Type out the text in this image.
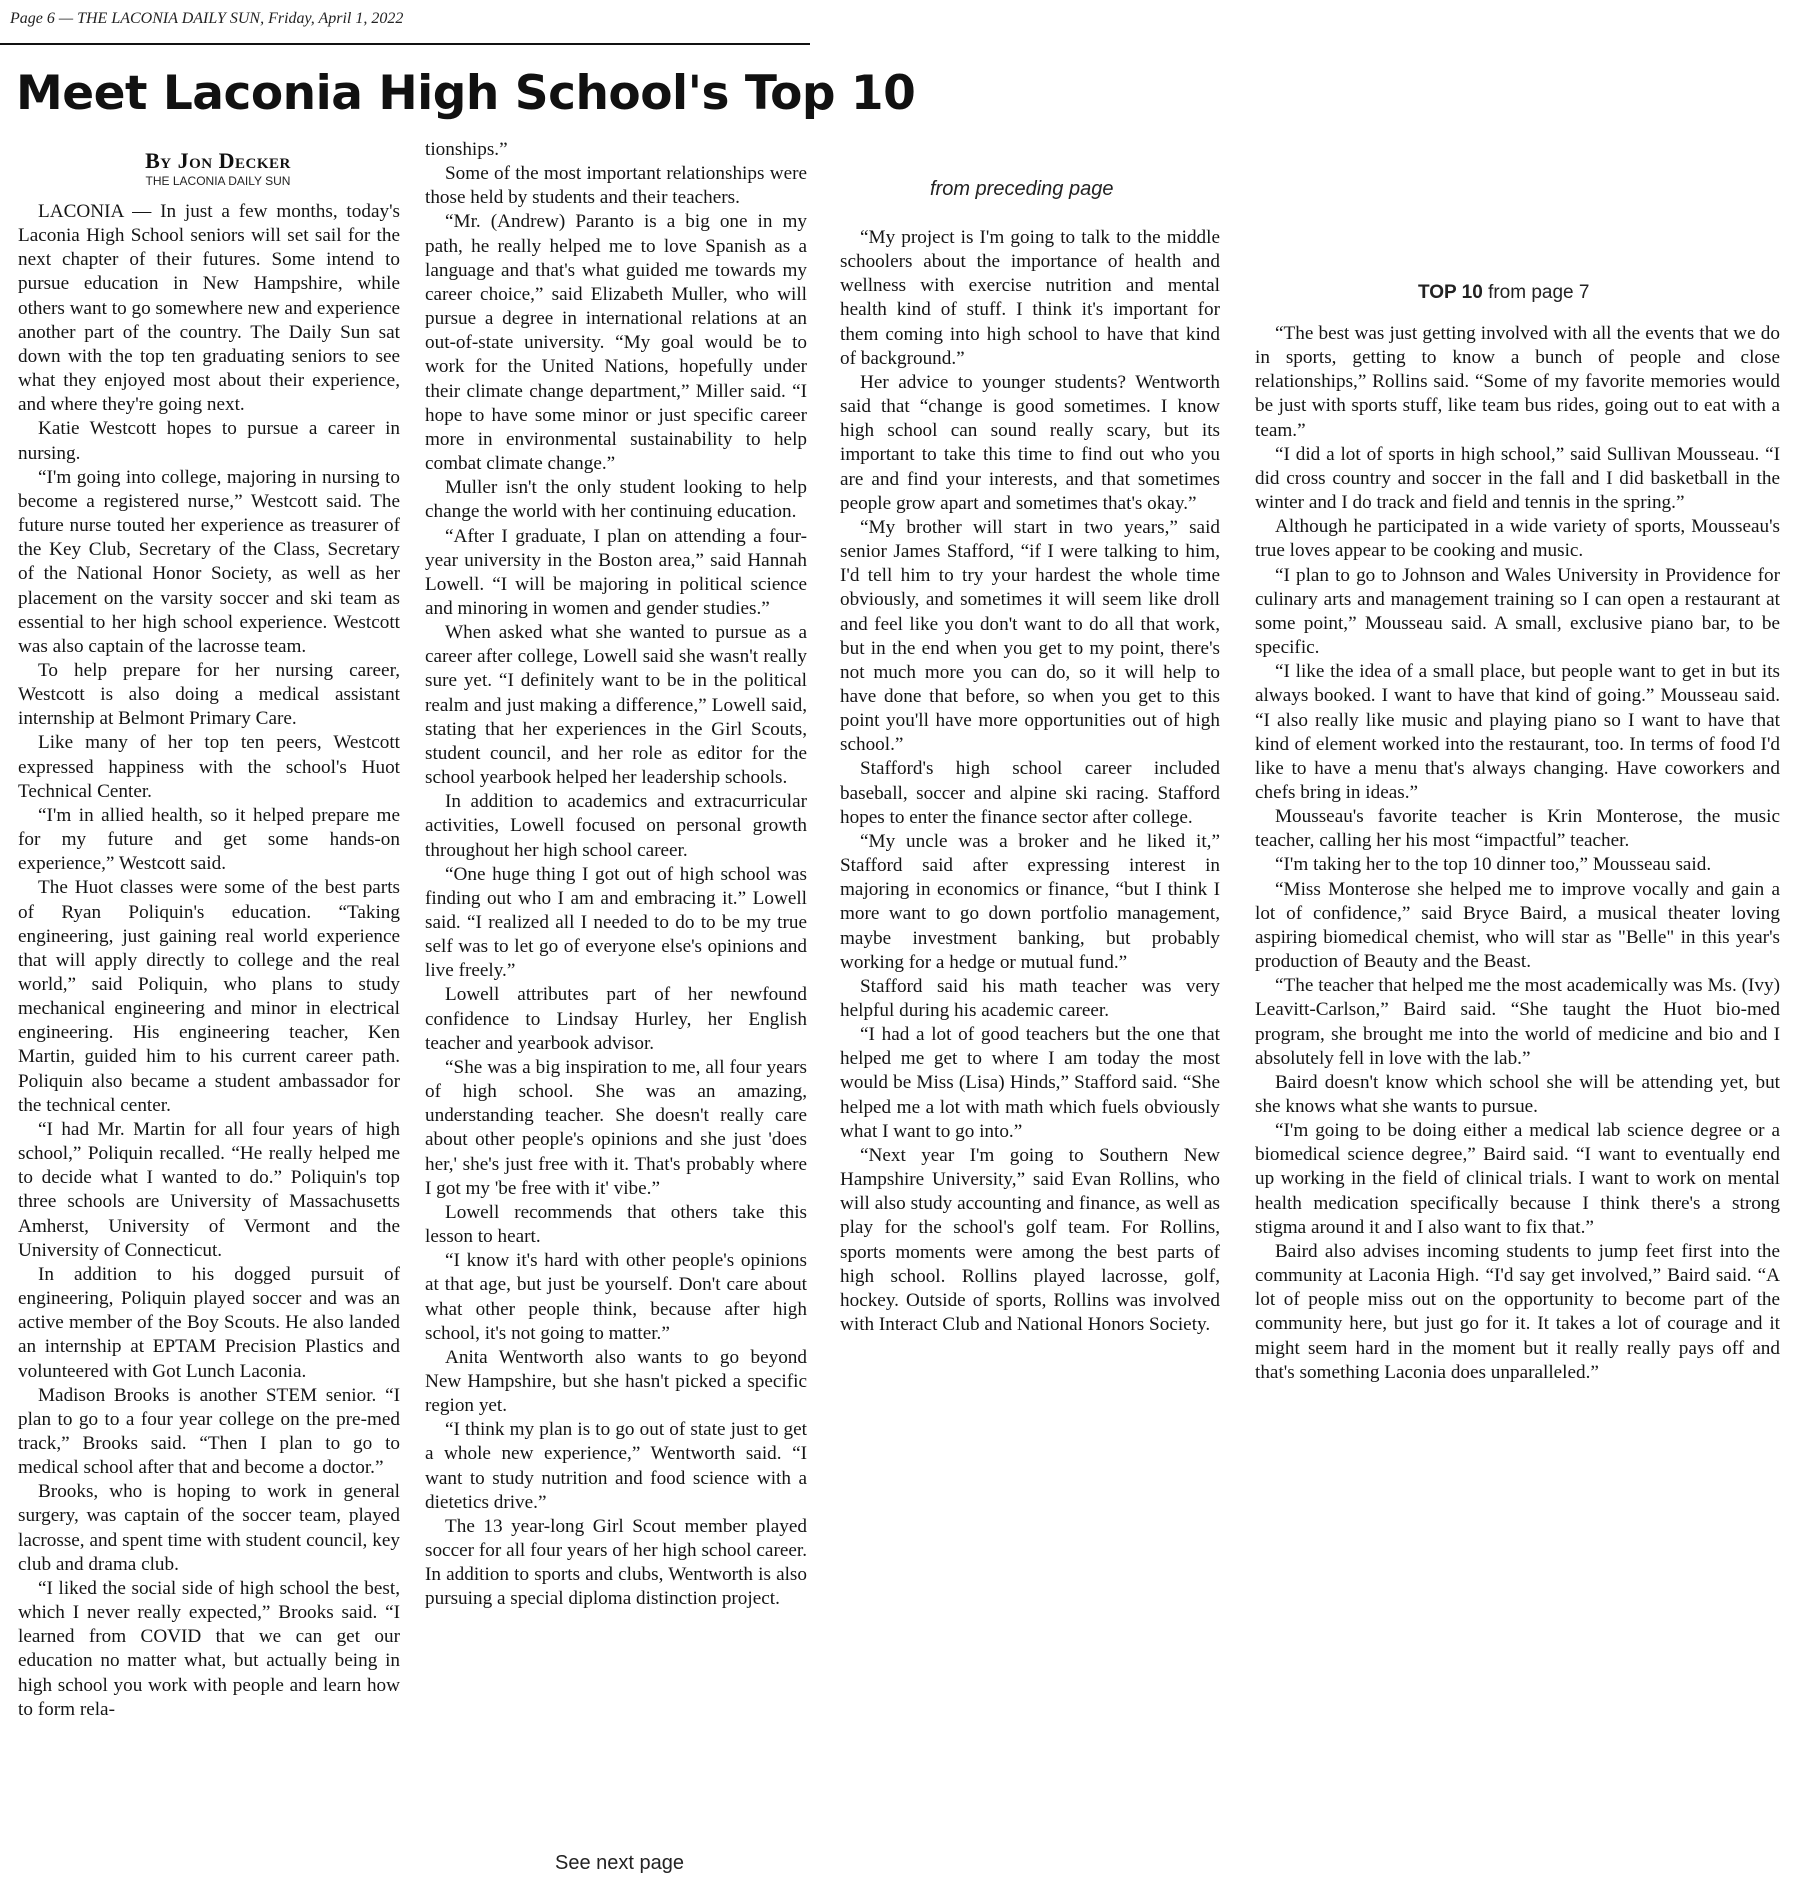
Page 6 — THE LACONIA DAILY SUN, Friday, April 1, 2022
Meet Laconia High School's Top 10
By Jon Decker
THE LACONIA DAILY SUN

LACONIA — In just a few months, today's Laconia High School seniors will set sail for the next chapter of their futures. Some intend to pursue education in New Hampshire, while others want to go somewhere new and experience another part of the country. The Daily Sun sat down with the top ten graduating seniors to see what they enjoyed most about their experience, and where they're going next.

Katie Westcott hopes to pursue a career in nursing.

“I'm going into college, majoring in nursing to become a registered nurse,” Westcott said. The future nurse touted her experience as treasurer of the Key Club, Secretary of the Class, Secretary of the National Honor Society, as well as her placement on the varsity soccer and ski team as essential to her high school experience. Westcott was also captain of the lacrosse team.

To help prepare for her nursing career, Westcott is also doing a medical assistant internship at Belmont Primary Care.

Like many of her top ten peers, Westcott expressed happiness with the school's Huot Technical Center.

“I'm in allied health, so it helped prepare me for my future and get some hands-on experience,” Westcott said.

The Huot classes were some of the best parts of Ryan Poliquin's education. “Taking engineering, just gaining real world experience that will apply directly to college and the real world,” said Poliquin, who plans to study mechanical engineering and minor in electrical engineering. His engineering teacher, Ken Martin, guided him to his current career path. Poliquin also became a student ambassador for the technical center.

“I had Mr. Martin for all four years of high school,” Poliquin recalled. “He really helped me to decide what I wanted to do.” Poliquin's top three schools are University of Massachusetts Amherst, University of Vermont and the University of Connecticut.

In addition to his dogged pursuit of engineering, Poliquin played soccer and was an active member of the Boy Scouts. He also landed an internship at EPTAM Precision Plastics and volunteered with Got Lunch Laconia.

Madison Brooks is another STEM senior. “I plan to go to a four year college on the pre-med track,” Brooks said. “Then I plan to go to medical school after that and become a doctor.”

Brooks, who is hoping to work in general surgery, was captain of the soccer team, played lacrosse, and spent time with student council, key club and drama club.

“I liked the social side of high school the best, which I never really expected,” Brooks said. “I learned from COVID that we can get our education no matter what, but actually being in high school you work with people and learn how to form rela-

tionships.”

Some of the most important relationships were those held by students and their teachers.

“Mr. (Andrew) Paranto is a big one in my path, he really helped me to love Spanish as a language and that's what guided me towards my career choice,” said Elizabeth Muller, who will pursue a degree in international relations at an out-of-state university. “My goal would be to work for the United Nations, hopefully under their climate change department,” Miller said. “I hope to have some minor or just specific career more in environmental sustainability to help combat climate change.”

Muller isn't the only student looking to help change the world with her continuing education.

“After I graduate, I plan on attending a four-year university in the Boston area,” said Hannah Lowell. “I will be majoring in political science and minoring in women and gender studies.”

When asked what she wanted to pursue as a career after college, Lowell said she wasn't really sure yet. “I definitely want to be in the political realm and just making a difference,” Lowell said, stating that her experiences in the Girl Scouts, student council, and her role as editor for the school yearbook helped her leadership schools.

In addition to academics and extracurricular activities, Lowell focused on personal growth throughout her high school career.

“One huge thing I got out of high school was finding out who I am and embracing it.” Lowell said. “I realized all I needed to do to be my true self was to let go of everyone else's opinions and live freely.”

Lowell attributes part of her newfound confidence to Lindsay Hurley, her English teacher and yearbook advisor.

“She was a big inspiration to me, all four years of high school. She was an amazing, understanding teacher. She doesn't really care about other people's opinions and she just 'does her,' she's just free with it. That's probably where I got my 'be free with it' vibe.”

Lowell recommends that others take this lesson to heart.

“I know it's hard with other people's opinions at that age, but just be yourself. Don't care about what other people think, because after high school, it's not going to matter.”

Anita Wentworth also wants to go beyond New Hampshire, but she hasn't picked a specific region yet.

“I think my plan is to go out of state just to get a whole new experience,” Wentworth said. “I want to study nutrition and food science with a dietetics drive.”

The 13 year-long Girl Scout member played soccer for all four years of her high school career. In addition to sports and clubs, Wentworth is also pursuing a special diploma distinction project.

See next page
from preceding page

“My project is I'm going to talk to the middle schoolers about the importance of health and wellness with exercise nutrition and mental health kind of stuff. I think it's important for them coming into high school to have that kind of background.”

Her advice to younger students? Wentworth said that “change is good sometimes. I know high school can sound really scary, but its important to take this time to find out who you are and find your interests, and that sometimes people grow apart and sometimes that's okay.”

“My brother will start in two years,” said senior James Stafford, “if I were talking to him, I'd tell him to try your hardest the whole time obviously, and sometimes it will seem like droll and feel like you don't want to do all that work, but in the end when you get to my point, there's not much more you can do, so it will help to have done that before, so when you get to this point you'll have more opportunities out of high school.”

Stafford's high school career included baseball, soccer and alpine ski racing. Stafford hopes to enter the finance sector after college.

“My uncle was a broker and he liked it,” Stafford said after expressing interest in majoring in economics or finance, “but I think I more want to go down portfolio management, maybe investment banking, but probably working for a hedge or mutual fund.”

Stafford said his math teacher was very helpful during his academic career.

“I had a lot of good teachers but the one that helped me get to where I am today the most would be Miss (Lisa) Hinds,” Stafford said. “She helped me a lot with math which fuels obviously what I want to go into.”

“Next year I'm going to Southern New Hampshire University,” said Evan Rollins, who will also study accounting and finance, as well as play for the school's golf team. For Rollins, sports moments were among the best parts of high school. Rollins played lacrosse, golf, hockey. Outside of sports, Rollins was involved with Interact Club and National Honors Society.

TOP 10 from page 7

“The best was just getting involved with all the events that we do in sports, getting to know a bunch of people and close relationships,” Rollins said. “Some of my favorite memories would be just with sports stuff, like team bus rides, going out to eat with a team.”

“I did a lot of sports in high school,” said Sullivan Mousseau. “I did cross country and soccer in the fall and I did basketball in the winter and I do track and field and tennis in the spring.”

Although he participated in a wide variety of sports, Mousseau's true loves appear to be cooking and music.

“I plan to go to Johnson and Wales University in Providence for culinary arts and management training so I can open a restaurant at some point,” Mousseau said. A small, exclusive piano bar, to be specific.

“I like the idea of a small place, but people want to get in but its always booked. I want to have that kind of going.” Mousseau said. “I also really like music and playing piano so I want to have that kind of element worked into the restaurant, too. In terms of food I'd like to have a menu that's always changing. Have coworkers and chefs bring in ideas.”

Mousseau's favorite teacher is Krin Monterose, the music teacher, calling her his most “impactful” teacher.

“I'm taking her to the top 10 dinner too,” Mousseau said.

“Miss Monterose she helped me to improve vocally and gain a lot of confidence,” said Bryce Baird, a musical theater loving aspiring biomedical chemist, who will star as "Belle" in this year's production of Beauty and the Beast.

“The teacher that helped me the most academically was Ms. (Ivy) Leavitt-Carlson,” Baird said. “She taught the Huot bio-med program, she brought me into the world of medicine and bio and I absolutely fell in love with the lab.”

Baird doesn't know which school she will be attending yet, but she knows what she wants to pursue.

“I'm going to be doing either a medical lab science degree or a biomedical science degree,” Baird said. “I want to eventually end up working in the field of clinical trials. I want to work on mental health medication specifically because I think there's a strong stigma around it and I also want to fix that.”

Baird also advises incoming students to jump feet first into the community at Laconia High. “I'd say get involved,” Baird said. “A lot of people miss out on the opportunity to become part of the community here, but just go for it. It takes a lot of courage and it might seem hard in the moment but it really really pays off and that's something Laconia does unparalleled.”
